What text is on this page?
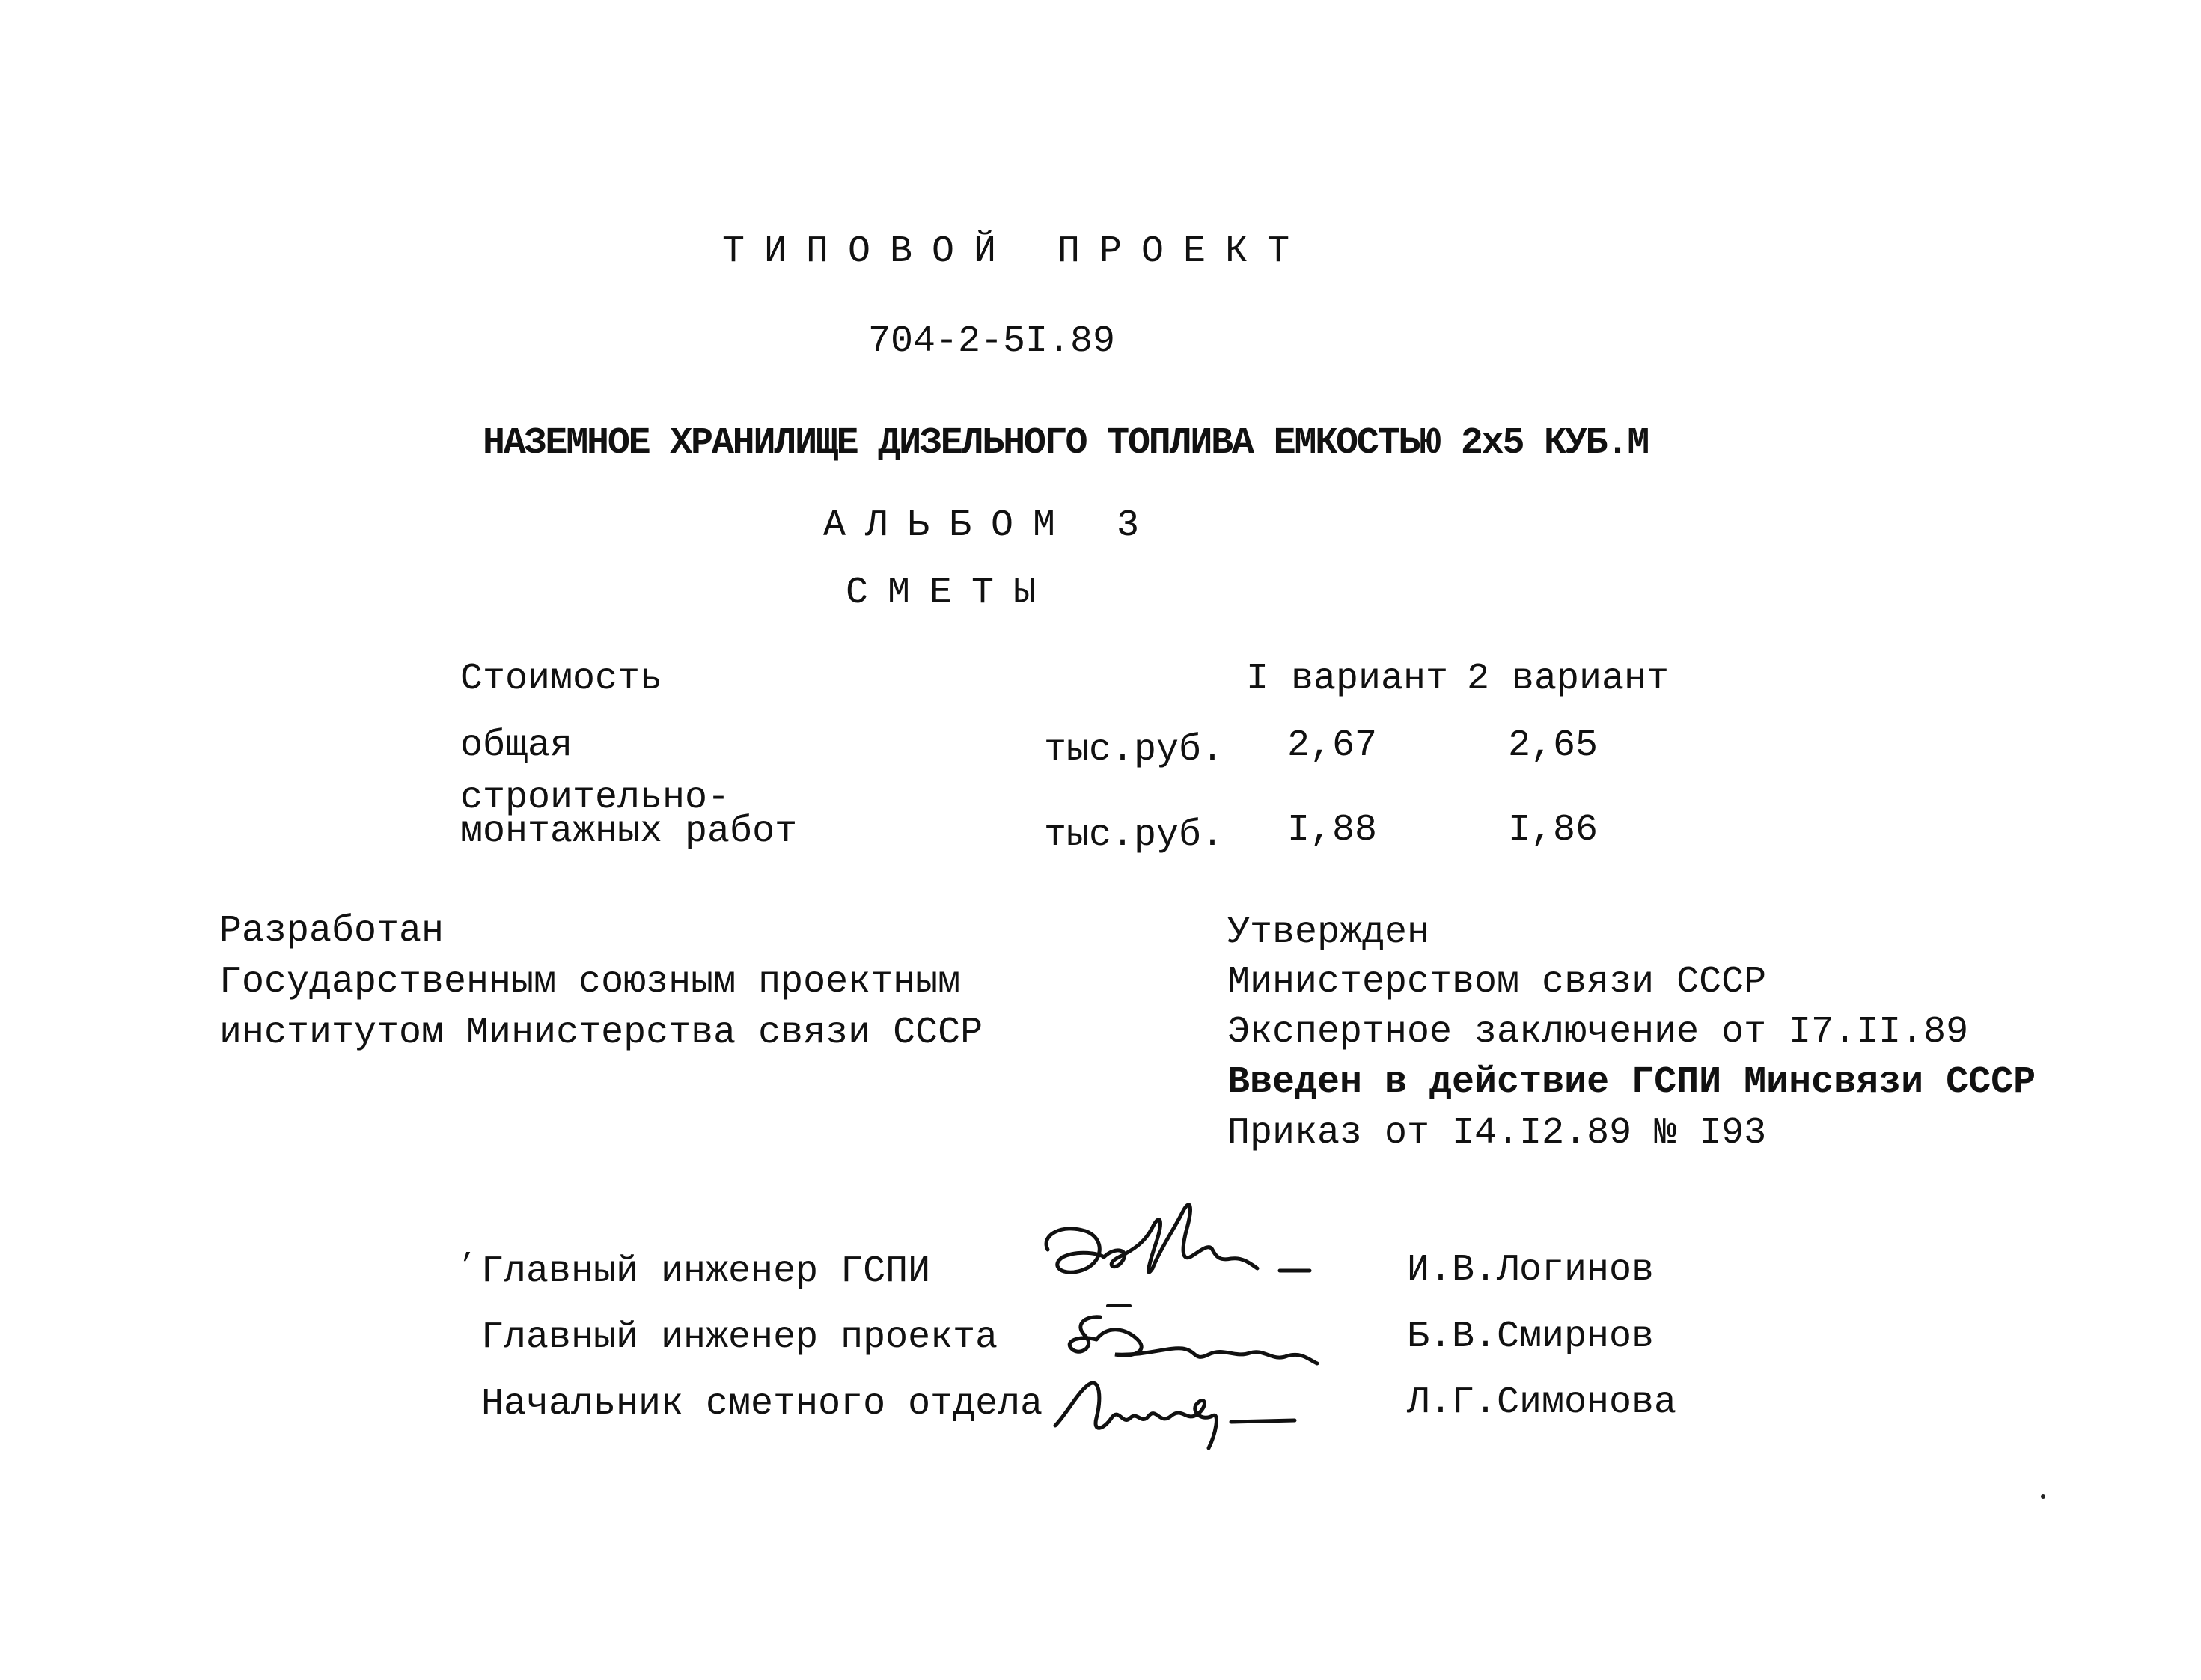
ТИПОВОЙ ПРОЕКТ
704-2-5I.89
НАЗЕМНОЕ ХРАНИЛИЩЕ ДИЗЕЛЬНОГО ТОПЛИВА ЕМКОСТЬЮ 2х5 КУБ.М
АЛЬБОМ 3
СМЕТЫ
Стоимость	I вариант 2 вариант
общая	тыс.руб. 2,67	2,65
строительно-
монтажных работ	тыс.руб. I,88	I,86
Разработан
Государственным союзным проектным
институтом Министерства связи СССР
Утвержден
Министерством связи СССР
Экспертное заключение от I7.II.89
Введен в действие ГСПИ Минсвязи СССР
Приказ от I4.I2.89 № I93
’ Главный инженер ГСПИ	И.В.Логинов
Главный инженер проекта	Б.В.Смирнов
Начальник сметного отдела	Л.Г.Симонова
